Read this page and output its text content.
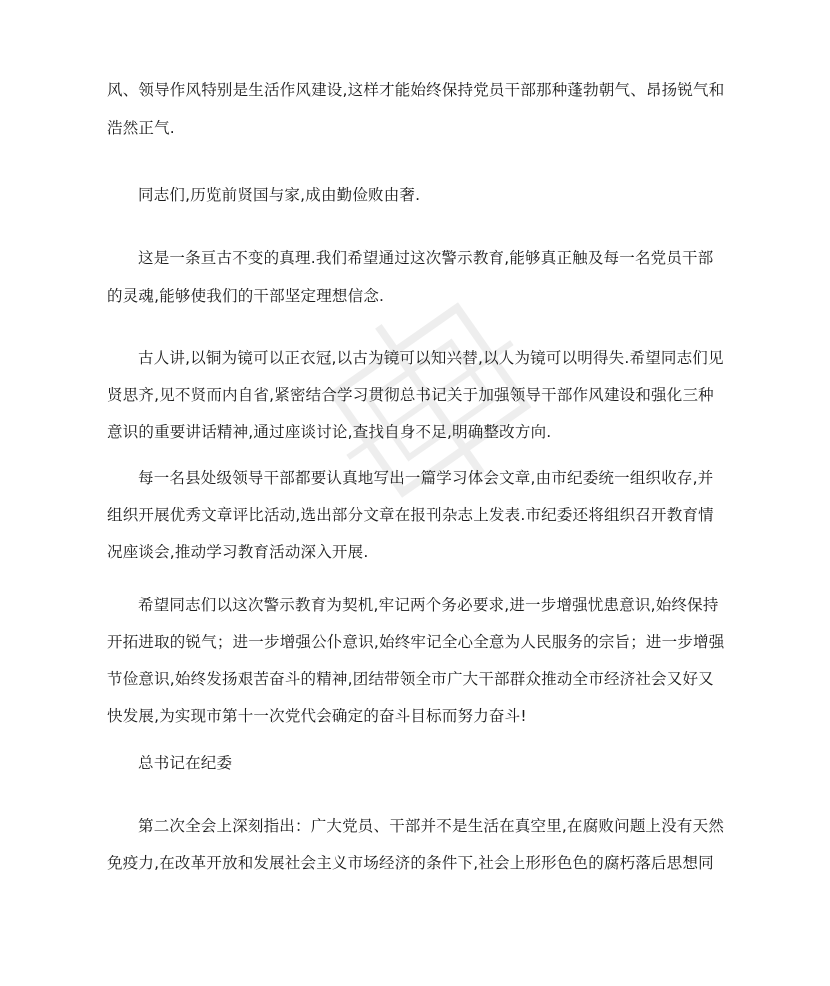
风、领导作风特别是生活作风建设,这样才能始终保持党员干部那种蓬勃朝气、昂扬锐气和

浩然正气.

同志们,历览前贤国与家,成由勤俭败由奢.

这是一条亘古不变的真理.我们希望通过这次警示教育,能够真正触及每一名党员干部

的灵魂,能够使我们的干部坚定理想信念.

古人讲,以铜为镜可以正衣冠,以古为镜可以知兴替,以人为镜可以明得失.希望同志们见

贤思齐,见不贤而内自省,紧密结合学习贯彻总书记关于加强领导干部作风建设和强化三种

意识的重要讲话精神,通过座谈讨论,查找自身不足,明确整改方向.

每一名县处级领导干部都要认真地写出一篇学习体会文章,由市纪委统一组织收存,并

组织开展优秀文章评比活动,选出部分文章在报刊杂志上发表.市纪委还将组织召开教育情

况座谈会,推动学习教育活动深入开展.

希望同志们以这次警示教育为契机,牢记两个务必要求,进一步增强忧患意识,始终保持

开拓进取的锐气；进一步增强公仆意识,始终牢记全心全意为人民服务的宗旨；进一步增强

节俭意识,始终发扬艰苦奋斗的精神,团结带领全市广大干部群众推动全市经济社会又好又

快发展,为实现市第十一次党代会确定的奋斗目标而努力奋斗!

总书记在纪委

第二次全会上深刻指出：广大党员、干部并不是生活在真空里,在腐败问题上没有天然

免疫力,在改革开放和发展社会主义市场经济的条件下,社会上形形色色的腐朽落后思想同
